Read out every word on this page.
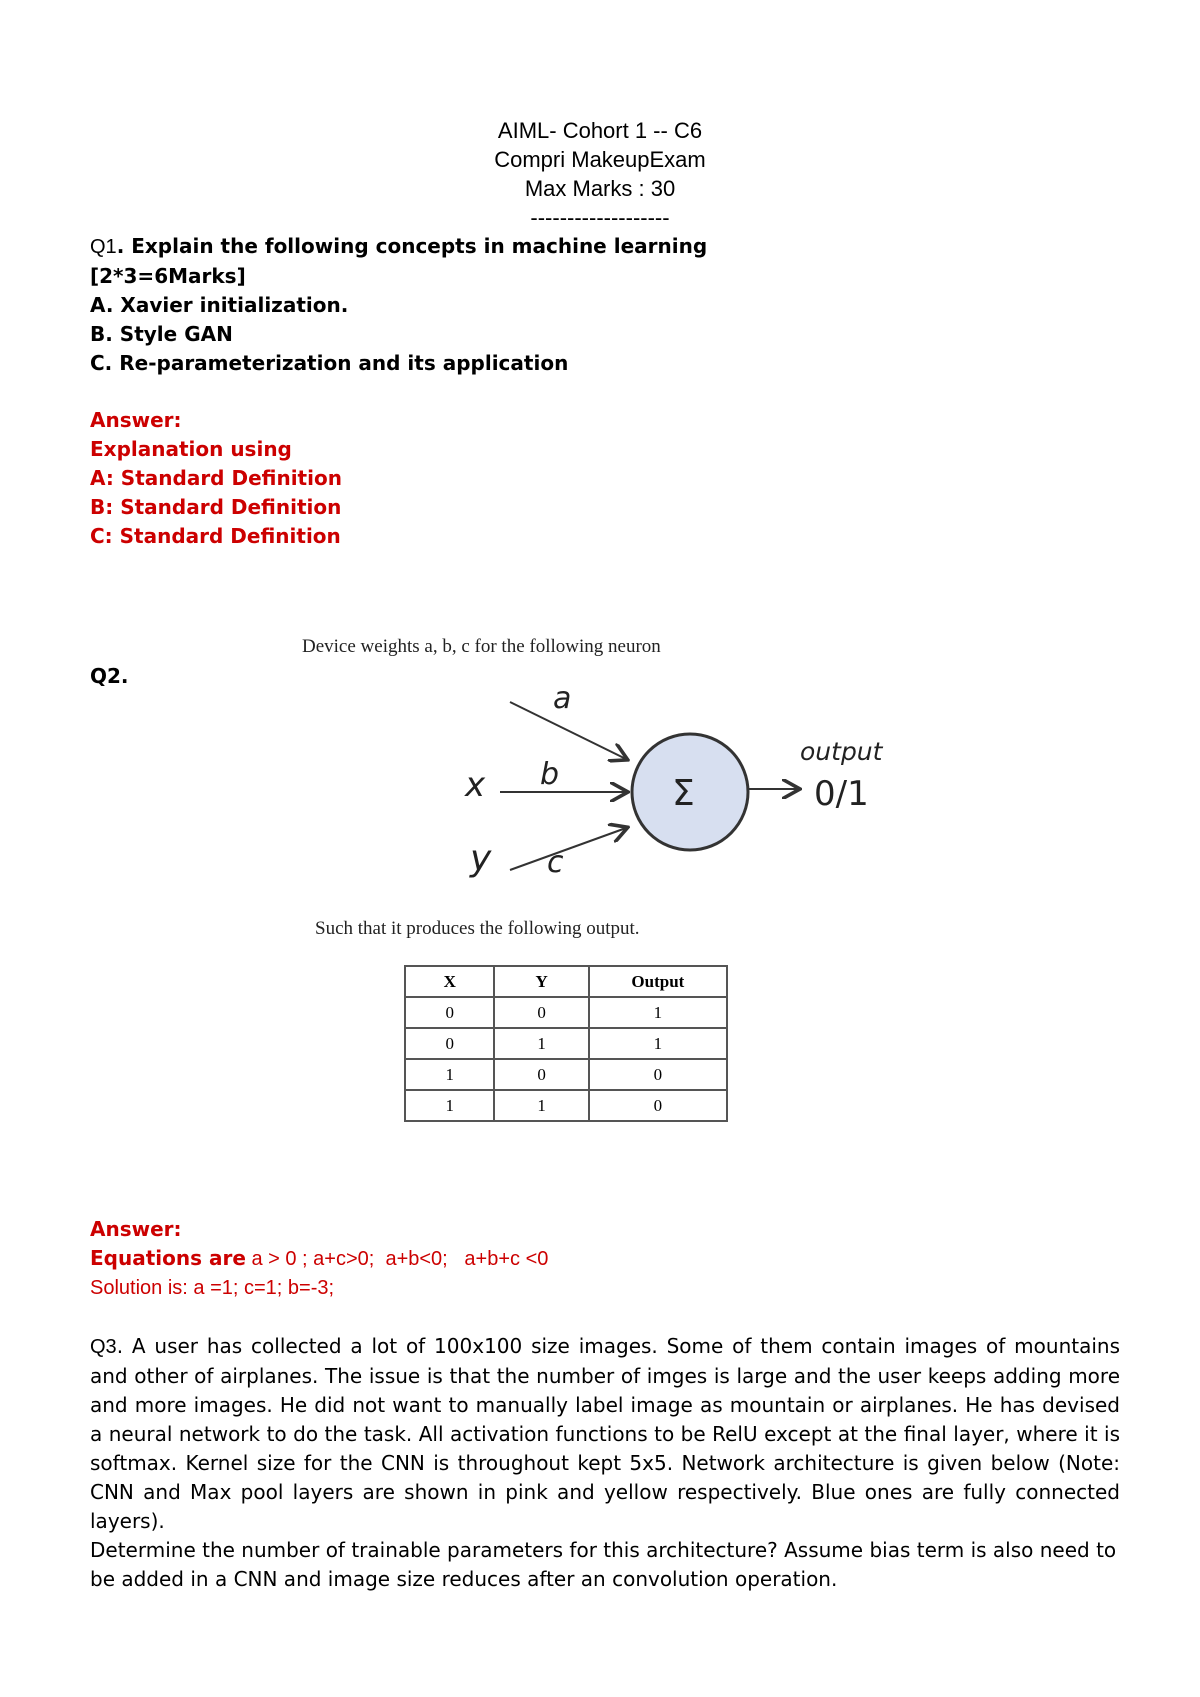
AIML- Cohort 1 -- C6
Compri MakeupExam
Max Marks : 30
-------------------
Q1. Explain the following concepts in machine learning
[2*3=6Marks]
A. Xavier initialization.
B. Style GAN
C. Re-parameterization and its application
Answer:
Explanation using
A: Standard Definition
B: Standard Definition
C: Standard Definition
Q2.
Device weights a, b, c for the following neuron
a
b
c
x
y
Σ
output
0/1
Such that it produces the following output.
X	Y	Output
0	0	1
0	1	1
1	0	0
1	1	0
Answer:
Equations are a > 0 ; a+c>0;  a+b<0;   a+b+c <0
Solution is: a =1; c=1; b=-3;
Q3. A user has collected a lot of 100x100 size images. Some of them contain images of mountains and other of airplanes. The issue is that the number of imges is large and the user keeps adding more and more images. He did not want to manually label image as mountain or airplanes. He has devised a neural network to do the task. All activation functions to be RelU except at the final layer, where it is softmax. Kernel size for the CNN is throughout kept 5x5. Network architecture is given below (Note: CNN and Max pool layers are shown in pink and yellow respectively. Blue ones are fully connected layers).
Determine the number of trainable parameters for this architecture? Assume bias term is also need to be added in a CNN and image size reduces after an convolution operation.
